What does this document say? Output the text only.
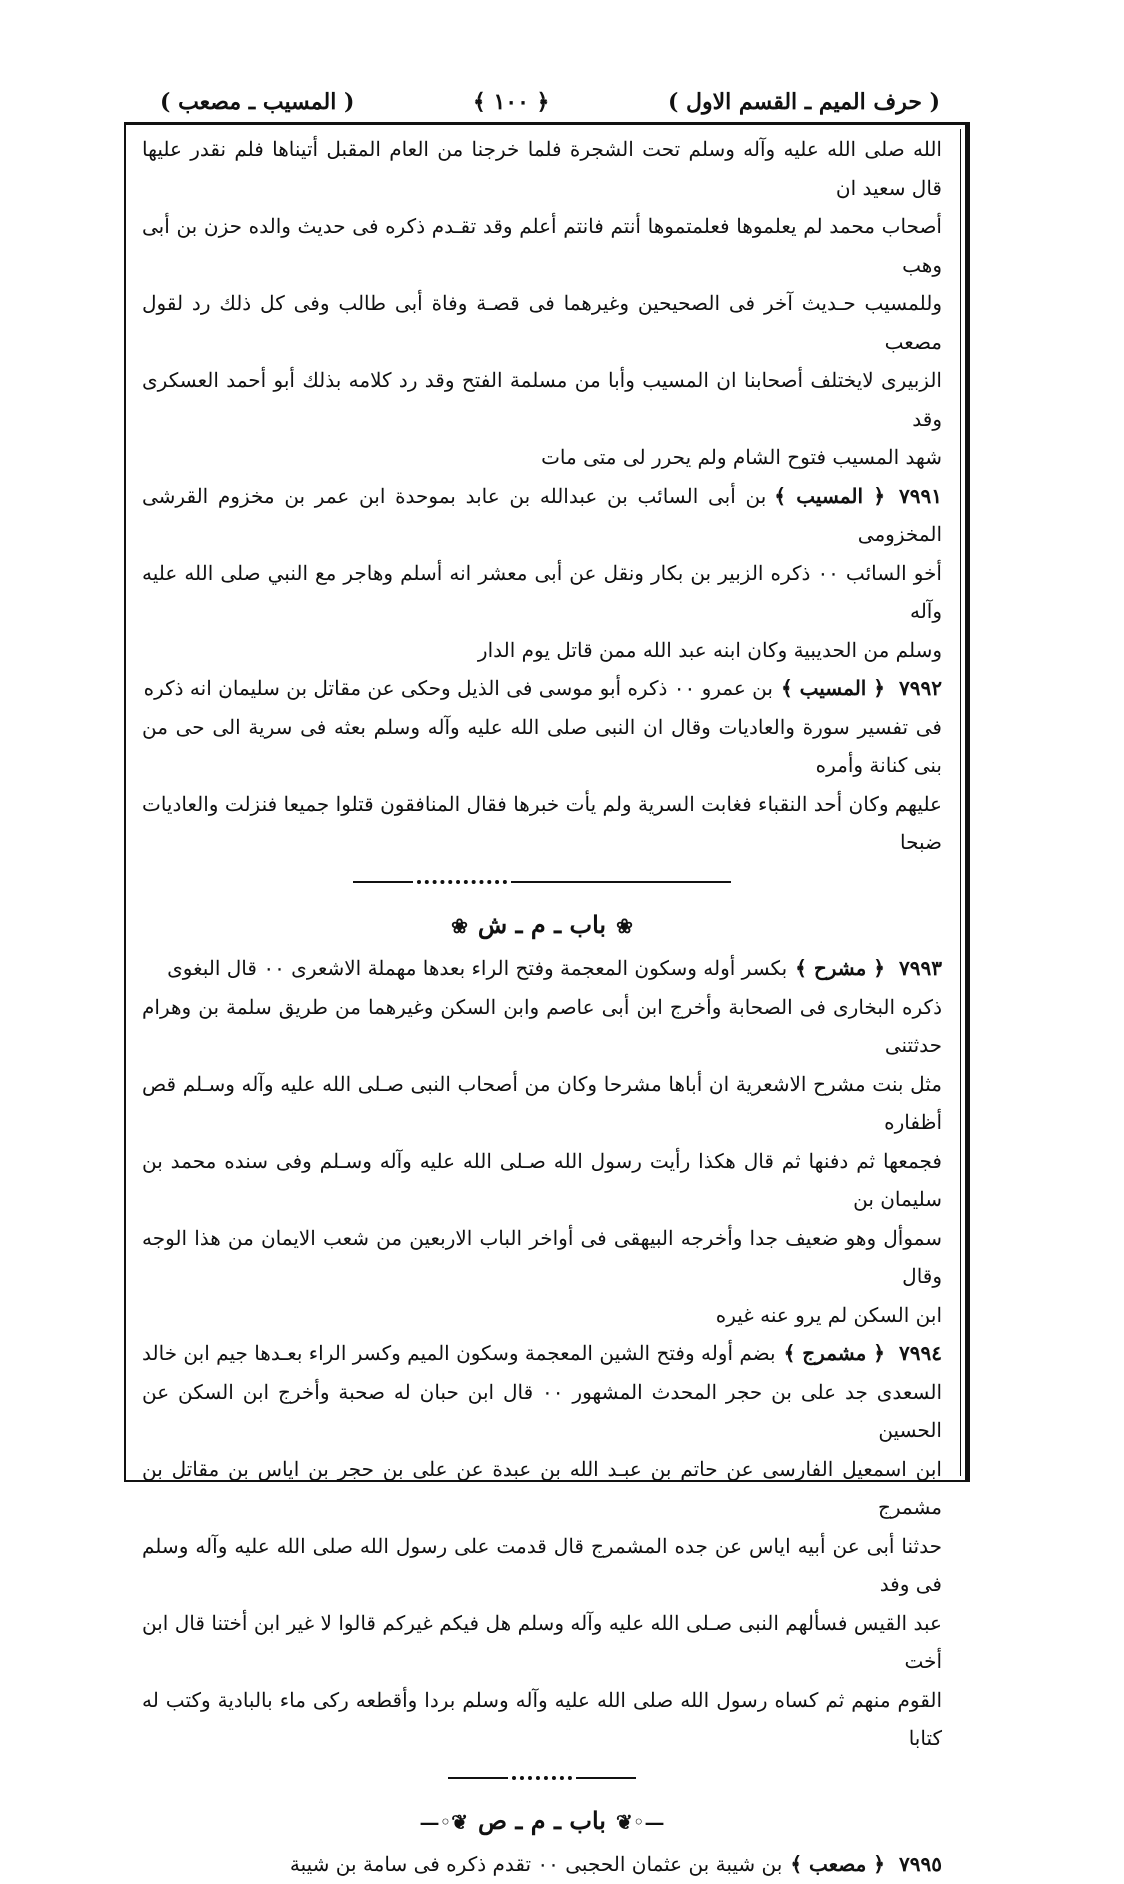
( حرف الميم ـ القسم الاول )
﴿ ١٠٠ ﴾
( المسيب ـ مصعب )
الله صلى الله عليه وآله وسلم تحت الشجرة فلما خرجنا من العام المقبل أتيناها فلم نقدر عليها قال سعيد ان
أصحاب محمد لم يعلموها فعلمتموها أنتم فانتم أعلم وقد تقـدم ذكره فى حديث والده حزن بن أبى وهب
وللمسيب حـديث آخر فى الصحيحين وغيرهما فى قصـة وفاة أبى طالب وفى كل ذلك رد لقول مصعب
الزبيرى لايختلف أصحابنا ان المسيب وأبا من مسلمة الفتح وقد رد كلامه بذلك أبو أحمد العسكرى وقد
شهد المسيب فتوح الشام ولم يحرر لى متى مات
٧٩٩١﴿ المسيب ﴾بن أبى السائب بن عبدالله بن عابد بموحدة ابن عمر بن مخزوم القرشى المخزومى
أخو السائب ٠٠ ذكره الزبير بن بكار ونقل عن أبى معشر انه أسلم وهاجر مع النبي صلى الله عليه وآله
وسلم من الحديبية وكان ابنه عبد الله ممن قاتل يوم الدار
٧٩٩٢﴿ المسيب ﴾بن عمرو ٠٠ ذكره أبو موسى فى الذيل وحكى عن مقاتل بن سليمان انه ذكره
فى تفسير سورة والعاديات وقال ان النبى صلى الله عليه وآله وسلم بعثه فى سرية الى حى من بنى كنانة وأمره
عليهم وكان أحد النقباء فغابت السرية ولم يأت خبرها فقال المنافقون قتلوا جميعا فنزلت والعاديات ضبحا
❀باب ـ م ـ ش❀
٧٩٩٣﴿ مشرح ﴾بكسر أوله وسكون المعجمة وفتح الراء بعدها مهملة الاشعرى ٠٠ قال البغوى
ذكره البخارى فى الصحابة وأخرج ابن أبى عاصم وابن السكن وغيرهما من طريق سلمة بن وهرام حدثتنى
مثل بنت مشرح الاشعرية ان أباها مشرحا وكان من أصحاب النبى صـلى الله عليه وآله وسـلم قص أظفاره
فجمعها ثم دفنها ثم قال هكذا رأيت رسول الله صـلى الله عليه وآله وسـلم وفى سنده محمد بن سليمان بن
سموأل وهو ضعيف جدا وأخرجه البيهقى فى أواخر الباب الاربعين من شعب الايمان من هذا الوجه وقال
ابن السكن لم يرو عنه غيره
٧٩٩٤﴿ مشمرج ﴾بضم أوله وفتح الشين المعجمة وسكون الميم وكسر الراء بعـدها جيم ابن خالد
السعدى جد على بن حجر المحدث المشهور ٠٠ قال ابن حبان له صحبة وأخرج ابن السكن عن الحسين
ابن اسمعيل الفارسى عن حاتم بن عبـد الله بن عبدة عن على بن حجر بن اياس بن مقاتل بن مشمرج
حدثنا أبى عن أبيه اياس عن جده المشمرج قال قدمت على رسول الله صلى الله عليه وآله وسلم فى وفد
عبد القيس فسألهم النبى صـلى الله عليه وآله وسلم هل فيكم غيركم قالوا لا غير ابن أختنا قال ابن أخت
القوم منهم ثم كساه رسول الله صلى الله عليه وآله وسلم بردا وأقطعه ركى ماء بالبادية وكتب له كتابا
—◦❦باب ـ م ـ ص❦◦—
٧٩٩٥﴿ مصعب ﴾بن شيبة بن عثمان الحجبى ٠٠ تقدم ذكره فى سامة بن شيبة
